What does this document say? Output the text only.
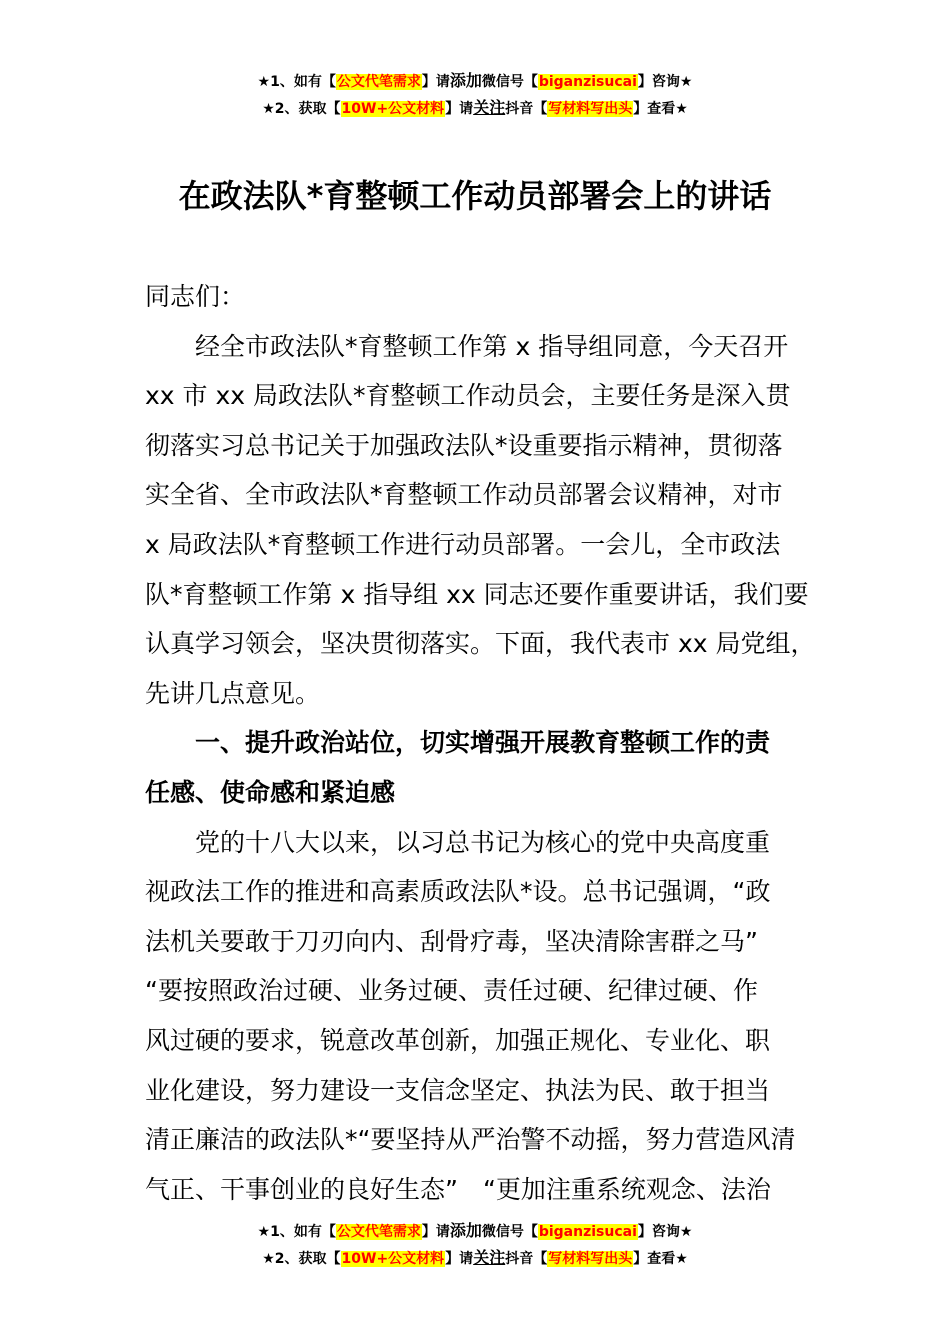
★1、如有【公文代笔需求】请添加微信号【biganzisucai】咨询★
★2、获取【10W+公文材料】请关注抖音【写材料写出头】查看★
在政法队*育整顿工作动员部署会上的讲话

同志们：

　　经全市政法队*育整顿工作第 x 指导组同意，今天召开

xx 市 xx 局政法队*育整顿工作动员会，主要任务是深入贯

彻落实习总书记关于加强政法队*设重要指示精神，贯彻落

实全省、全市政法队*育整顿工作动员部署会议精神，对市

x 局政法队*育整顿工作进行动员部署。一会儿，全市政法

队*育整顿工作第 x 指导组 xx 同志还要作重要讲话，我们要

认真学习领会，坚决贯彻落实。下面，我代表市 xx 局党组，

先讲几点意见。

　　一、提升政治站位，切实增强开展教育整顿工作的责

任感、使命感和紧迫感

　　党的十八大以来，以习总书记为核心的党中央高度重

视政法工作的推进和高素质政法队*设。总书记强调，“政

法机关要敢于刀刃向内、刮骨疗毒，坚决清除害群之马”

“要按照政治过硬、业务过硬、责任过硬、纪律过硬、作

风过硬的要求，锐意改革创新，加强正规化、专业化、职

业化建设，努力建设一支信念坚定、执法为民、敢于担当

清正廉洁的政法队*“要坚持从严治警不动摇，努力营造风清

气正、干事创业的良好生态”　“更加注重系统观念、法治

★1、如有【公文代笔需求】请添加微信号【biganzisucai】咨询★
★2、获取【10W+公文材料】请关注抖音【写材料写出头】查看★
